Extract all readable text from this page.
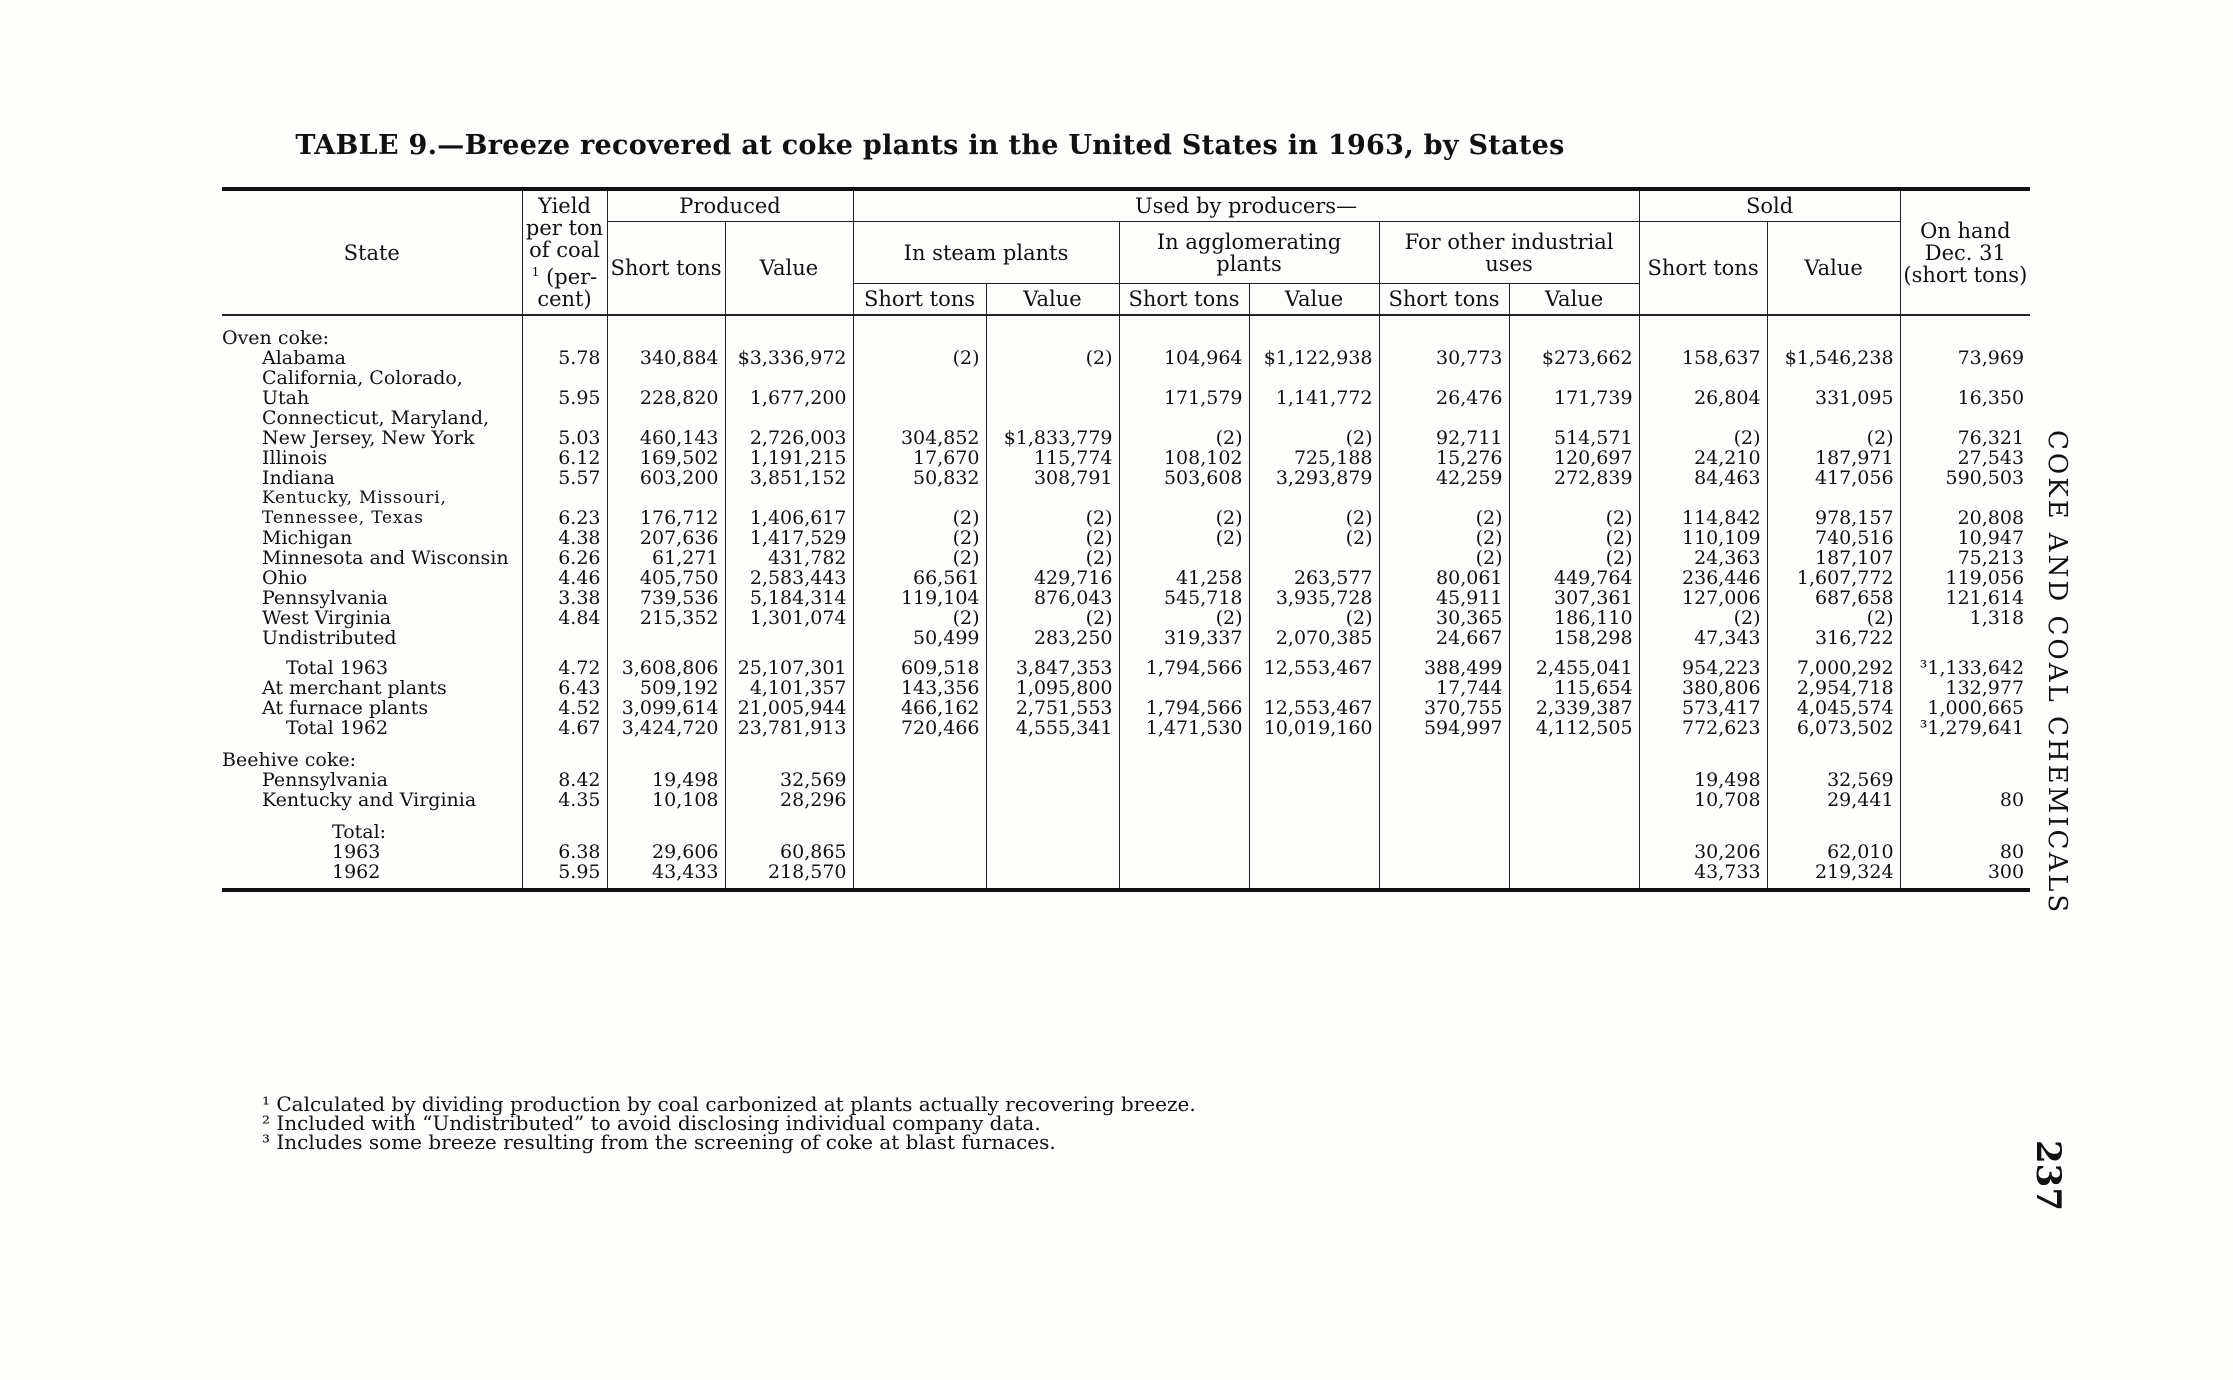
TABLE 9.—Breeze recovered at coke plants in the United States in 1963, by States
State	Yield per ton of coal $^1$ (per-cent)	Produced		Used by producers—						Sold		On hand Dec. 31 (short tons)
		Short tons	Value	In steam plants		In agglomerating plants		For other industrial uses		Short tons	Value	
				Short tons	Value	Short tons	Value	Short tons	Value			
Oven coke:												
Alabama	5.78	340,884	$3,336,972	(2)	(2)	104,964	$1,122,938	30,773	$273,662	158,637	$1,546,238	73,969
California, Colorado, Utah	5.95	228,820	1,677,200			171,579	1,141,772	26,476	171,739	26,804	331,095	16,350
Connecticut, Maryland, New Jersey, New York	5.03	460,143	2,726,003	304,852	$1,833,779	(2)	(2)	92,711	514,571	(2)	(2)	76,321
Illinois	6.12	169,502	1,191,215	17,670	115,774	108,102	725,188	15,276	120,697	24,210	187,971	27,543
Indiana	5.57	603,200	3,851,152	50,832	308,791	503,608	3,293,879	42,259	272,839	84,463	417,056	590,503
Kentucky, Missouri, Tennessee, Texas	6.23	176,712	1,406,617	(2)	(2)	(2)	(2)	(2)	(2)	114,842	978,157	20,808
Michigan	4.38	207,636	1,417,529	(2)	(2)	(2)	(2)	(2)	(2)	110,109	740,516	10,947
Minnesota and Wisconsin	6.26	61,271	431,782	(2)	(2)			(2)	(2)	24,363	187,107	75,213
Ohio	4.46	405,750	2,583,443	66,561	429,716	41,258	263,577	80,061	449,764	236,446	1,607,772	119,056
Pennsylvania	3.38	739,536	5,184,314	119,104	876,043	545,718	3,935,728	45,911	307,361	127,006	687,658	121,614
West Virginia	4.84	215,352	1,301,074	(2)	(2)	(2)	(2)	30,365	186,110	(2)	(2)	1,318
Undistributed				50,499	283,250	319,337	2,070,385	24,667	158,298	47,343	316,722	
Total 1963	4.72	3,608,806	25,107,301	609,518	3,847,353	1,794,566	12,553,467	388,499	2,455,041	954,223	7,000,292	³1,133,642
At merchant plants	6.43	509,192	4,101,357	143,356	1,095,800			17,744	115,654	380,806	2,954,718	132,977
At furnace plants	4.52	3,099,614	21,005,944	466,162	2,751,553	1,794,566	12,553,467	370,755	2,339,387	573,417	4,045,574	1,000,665
Total 1962	4.67	3,424,720	23,781,913	720,466	4,555,341	1,471,530	10,019,160	594,997	4,112,505	772,623	6,073,502	³1,279,641
Beehive coke:												
Pennsylvania	8.42	19,498	32,569							19,498	32,569	
Kentucky and Virginia	4.35	10,108	28,296							10,708	29,441	80
Total:												
1963	6.38	29,606	60,865							30,206	62,010	80
1962	5.95	43,433	218,570							43,733	219,324	300
¹ Calculated by dividing production by coal carbonized at plants actually recovering breeze.
² Included with “Undistributed” to avoid disclosing individual company data.
³ Includes some breeze resulting from the screening of coke at blast furnaces.
COKE AND COAL CHEMICALS
237
